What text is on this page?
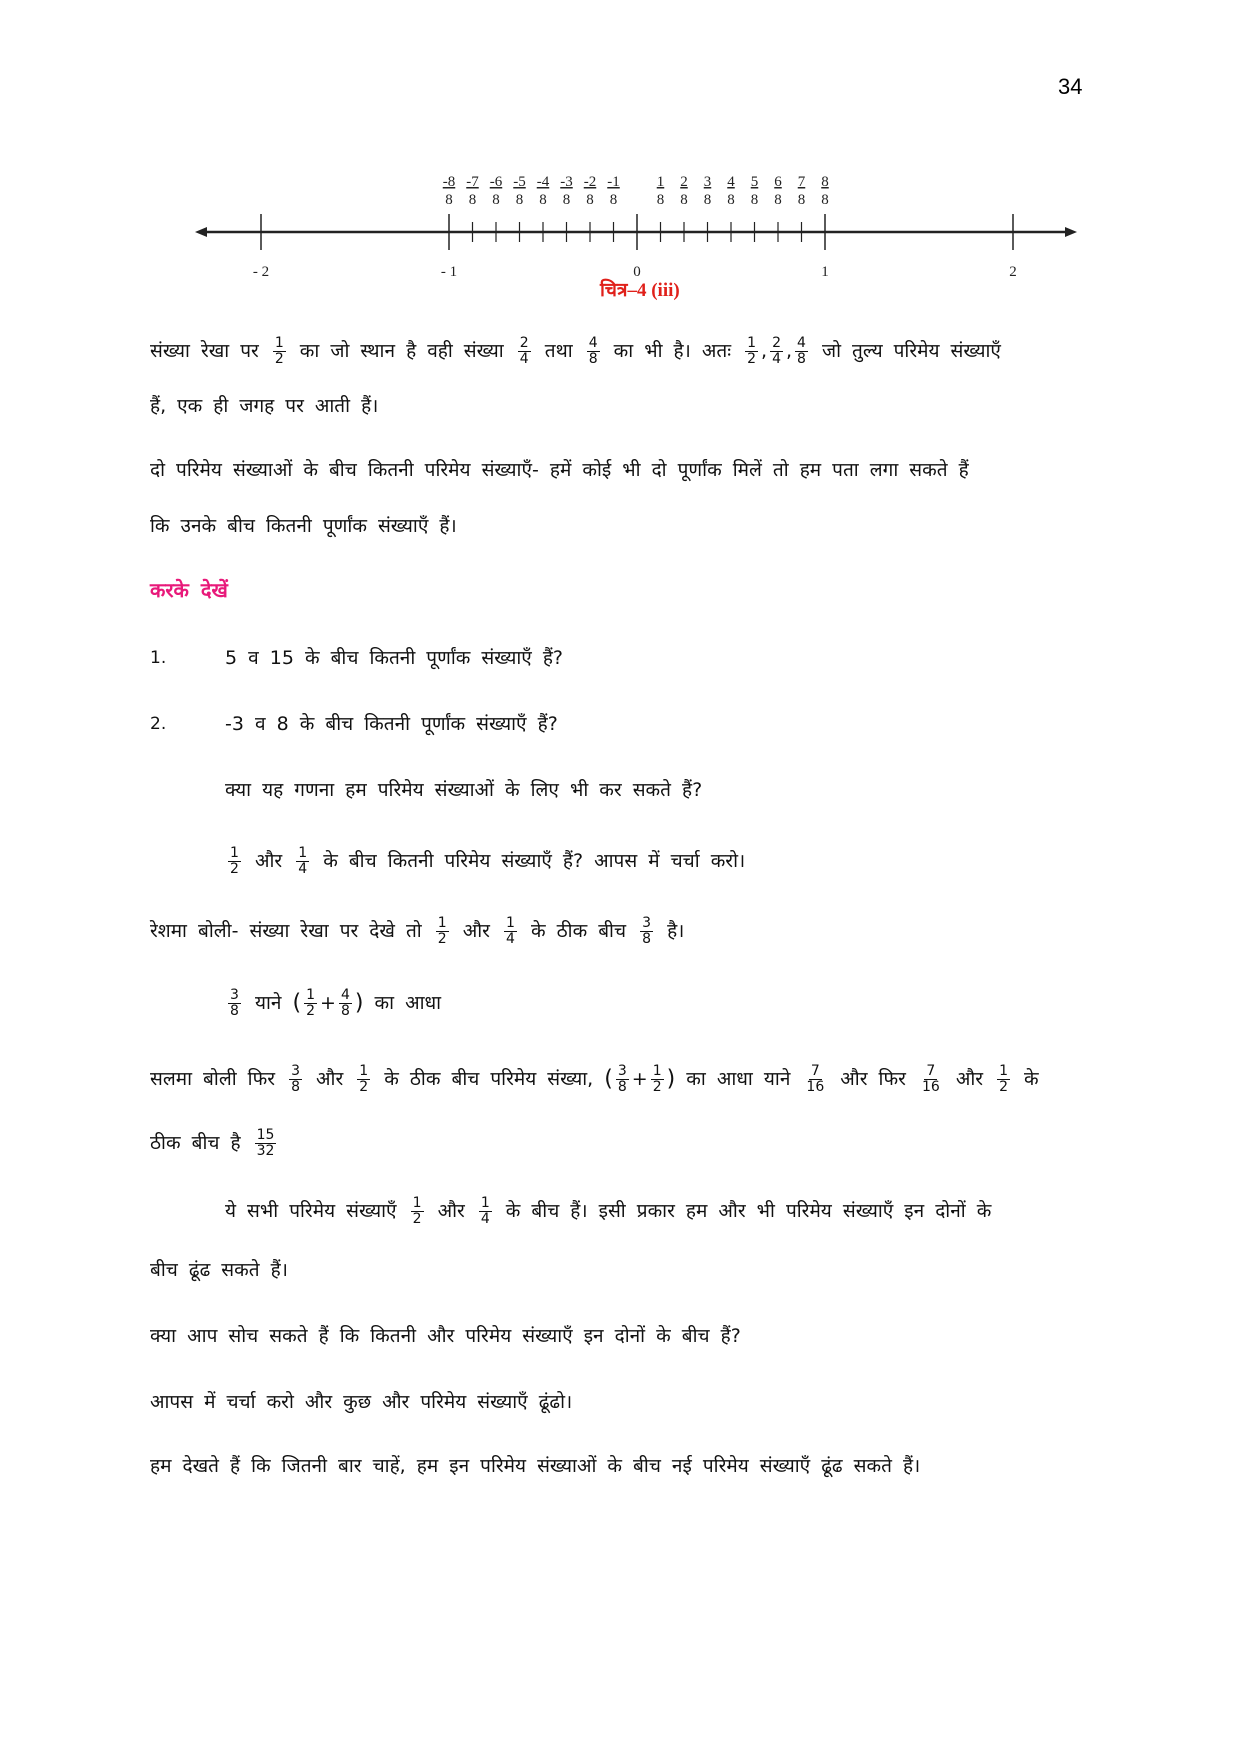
34
- 2	- 1	0	1	2
-8
8
-7
8
-6
8
-5
8
-4
8
-3
8
-2
8
-1
8
1
8
2
8
3
8
4
8
5
8
6
8
7
8
8
8
चित्र–4 (iii)
संख्या रेखा पर $\frac{1}{2}$ का जो स्थान है वही संख्या $\frac{2}{4}$ तथा $\frac{4}{8}$ का भी है। अतः $\frac{1}{2}$ , $\frac{2}{4}$ , $\frac{4}{8}$ जो तुल्य परिमेय संख्याएँ
हैं, एक ही जगह पर आती हैं।
दो परिमेय संख्याओं के बीच कितनी परिमेय संख्याएँ- हमें कोई भी दो पूर्णांक मिलें तो हम पता लगा सकते हैं
कि उनके बीच कितनी पूर्णांक संख्याएँ हैं।
करके देखें
1.	5 व 15 के बीच कितनी पूर्णांक संख्याएँ हैं?
2.	-3 व 8 के बीच कितनी पूर्णांक संख्याएँ हैं?
क्या यह गणना हम परिमेय संख्याओं के लिए भी कर सकते हैं?
$\frac{1}{2}$ और $\frac{1}{4}$ के बीच कितनी परिमेय संख्याएँ हैं? आपस में चर्चा करो।
रेशमा बोली- संख्या रेखा पर देखे तो $\frac{1}{2}$ और $\frac{1}{4}$ के ठीक बीच $\frac{3}{8}$ है।
$\frac{3}{8}$ याने ( $\frac{1}{2} + \frac{4}{8}$ ) का आधा
सलमा बोली फिर $\frac{3}{8}$ और $\frac{1}{2}$ के ठीक बीच परिमेय संख्या, ( $\frac{3}{8} + \frac{1}{2}$ ) का आधा याने $\frac{7}{16}$ और फिर $\frac{7}{16}$ और $\frac{1}{2}$ के
ठीक बीच है $\frac{15}{32}$
ये सभी परिमेय संख्याएँ $\frac{1}{2}$ और $\frac{1}{4}$ के बीच हैं। इसी प्रकार हम और भी परिमेय संख्याएँ इन दोनों के
बीच ढूंढ सकते हैं।
क्या आप सोच सकते हैं कि कितनी और परिमेय संख्याएँ इन दोनों के बीच हैं?
आपस में चर्चा करो और कुछ और परिमेय संख्याएँ ढूंढो।
हम देखते हैं कि जितनी बार चाहें, हम इन परिमेय संख्याओं के बीच नई परिमेय संख्याएँ ढूंढ सकते हैं।
